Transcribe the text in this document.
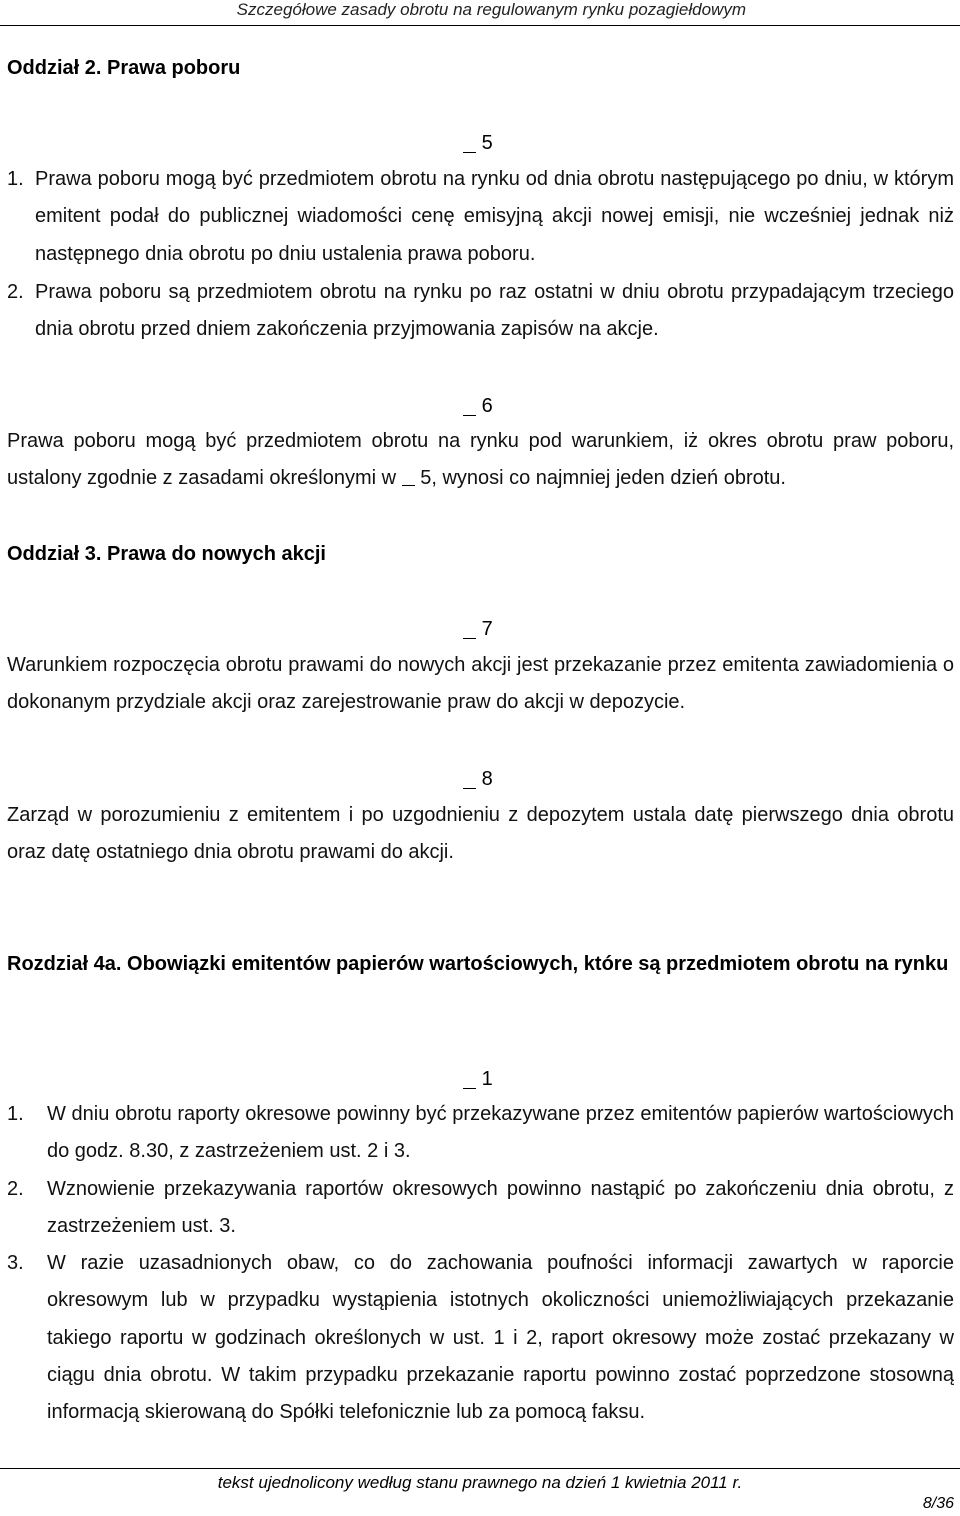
Szczegółowe zasady obrotu na regulowanym rynku pozagiełdowym
Oddział 2. Prawa poboru
5
1. Prawa poboru mogą być przedmiotem obrotu na rynku od dnia obrotu następującego po dniu, w którym emitent podał do publicznej wiadomości cenę emisyjną akcji nowej emisji, nie wcześniej jednak niż następnego dnia obrotu po dniu ustalenia prawa poboru.
2. Prawa poboru są przedmiotem obrotu na rynku po raz ostatni w dniu obrotu przypadającym trzeciego dnia obrotu przed dniem zakończenia przyjmowania zapisów na akcje.
6
Prawa poboru mogą być przedmiotem obrotu na rynku pod warunkiem, iż okres obrotu praw poboru, ustalony zgodnie z zasadami określonymi w 5, wynosi co najmniej jeden dzień obrotu.
Oddział 3. Prawa do nowych akcji
7
Warunkiem rozpoczęcia obrotu prawami do nowych akcji jest przekazanie przez emitenta zawiadomienia o dokonanym przydziale akcji oraz zarejestrowanie praw do akcji w depozycie.
8
Zarząd w porozumieniu z emitentem i po uzgodnieniu z depozytem ustala datę pierwszego dnia obrotu oraz datę ostatniego dnia obrotu prawami do akcji.
Rozdział 4a. Obowiązki emitentów papierów wartościowych, które są przedmiotem obrotu na rynku
1
1. W dniu obrotu raporty okresowe powinny być przekazywane przez emitentów papierów wartościowych do godz. 8.30, z zastrzeżeniem ust. 2 i 3.
2. Wznowienie przekazywania raportów okresowych powinno nastąpić po zakończeniu dnia obrotu, z zastrzeżeniem ust. 3.
3. W razie uzasadnionych obaw, co do zachowania poufności informacji zawartych w raporcie okresowym lub w przypadku wystąpienia istotnych okoliczności uniemożliwiających przekazanie takiego raportu w godzinach określonych w ust. 1 i 2, raport okresowy może zostać przekazany w ciągu dnia obrotu. W takim przypadku przekazanie raportu powinno zostać poprzedzone stosowną informacją skierowaną do Spółki telefonicznie lub za pomocą faksu.
tekst ujednolicony według stanu prawnego na dzień 1 kwietnia 2011 r.
8/36
